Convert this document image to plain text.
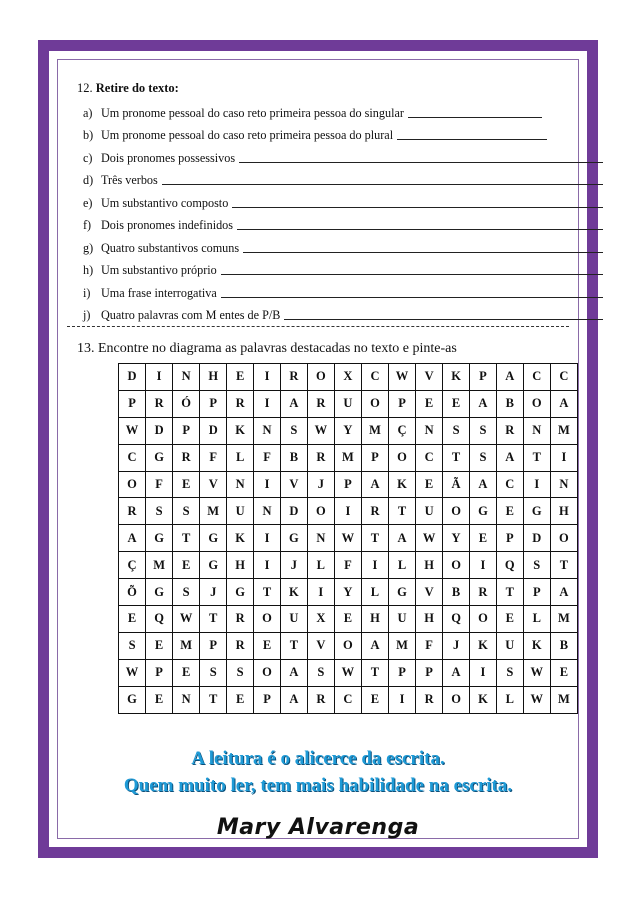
12. Retire do texto:
a) Um pronome pessoal do caso reto primeira pessoa do singular
b) Um pronome pessoal do caso reto primeira pessoa do plural
c) Dois pronomes possessivos
d) Três verbos
e) Um substantivo composto
f) Dois pronomes indefinidos
g) Quatro substantivos comuns
h) Um substantivo próprio
i) Uma frase interrogativa
j) Quatro palavras com M entes de P/B
13. Encontre no diagrama as palavras destacadas no texto e pinte-as
D	I	N	H	E	I	R	O	X	C	W	V	K	P	A	C	C
P	R	Ó	P	R	I	A	R	U	O	P	E	E	A	B	O	A
W	D	P	D	K	N	S	W	Y	M	Ç	N	S	S	R	N	M
C	G	R	F	L	F	B	R	M	P	O	C	T	S	A	T	I
O	F	E	V	N	I	V	J	P	A	K	E	Ã	A	C	I	N
R	S	S	M	U	N	D	O	I	R	T	U	O	G	E	G	H
A	G	T	G	K	I	G	N	W	T	A	W	Y	E	P	D	O
Ç	M	E	G	H	I	J	L	F	I	L	H	O	I	Q	S	T
Õ	G	S	J	G	T	K	I	Y	L	G	V	B	R	T	P	A
E	Q	W	T	R	O	U	X	E	H	U	H	Q	O	E	L	M
S	E	M	P	R	E	T	V	O	A	M	F	J	K	U	K	B
W	P	E	S	S	O	A	S	W	T	P	P	A	I	S	W	E
G	E	N	T	E	P	A	R	C	E	I	R	O	K	L	W	M
A leitura é o alicerce da escrita.
Quem muito ler, tem mais habilidade na escrita.
Mary Alvarenga
